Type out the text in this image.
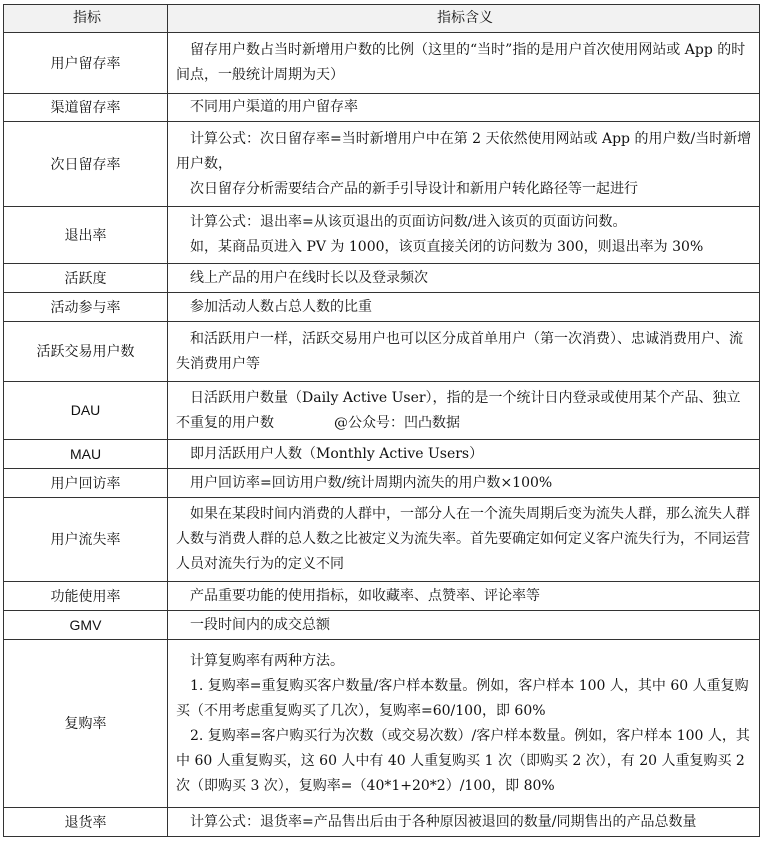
指标	指标含义
用户留存率	留存用户数占当时新增用户数的比例（这里的“当时”指的是用户首次使用网站或 App 的时间点，一般统计周期为天）

渠道留存率	不同用户渠道的用户留存率

次日留存率	计算公式：次日留存率=当时新增用户中在第 2 天依然使用网站或 App 的用户数/当时新增用户数，

次日留存分析需要结合产品的新手引导设计和新用户转化路径等一起进行

退出率	计算公式：退出率=从该页退出的页面访问数/进入该页的页面访问数。

如，某商品页进入 PV 为 1000，该页直接关闭的访问数为 300，则退出率为 30%

活跃度	线上产品的用户在线时长以及登录频次

活动参与率	参加活动人数占总人数的比重

活跃交易用户数	和活跃用户一样，活跃交易用户也可以区分成首单用户（第一次消费）、忠诚消费用户、流失消费用户等

DAU	日活跃用户数量（Daily Active User），指的是一个统计日内登录或使用某个产品、独立不重复的用户数 @公众号：凹凸数据

MAU	即月活跃用户人数（Monthly Active Users）

用户回访率	用户回访率=回访用户数/统计周期内流失的用户数×100%

用户流失率	如果在某段时间内消费的人群中，一部分人在一个流失周期后变为流失人群，那么流失人群人数与消费人群的总人数之比被定义为流失率。首先要确定如何定义客户流失行为，不同运营人员对流失行为的定义不同

功能使用率	产品重要功能的使用指标，如收藏率、点赞率、评论率等

GMV	一段时间内的成交总额

复购率	计算复购率有两种方法。

1. 复购率=重复购买客户数量/客户样本数量。例如，客户样本 100 人，其中 60 人重复购买（不用考虑重复购买了几次），复购率=60/100，即 60%

2. 复购率=客户购买行为次数（或交易次数）/客户样本数量。例如，客户样本 100 人，其中 60 人重复购买，这 60 人中有 40 人重复购买 1 次（即购买 2 次），有 20 人重复购买 2 次（即购买 3 次），复购率=（40*1+20*2）/100，即 80%

退货率	计算公式：退货率=产品售出后由于各种原因被退回的数量/同期售出的产品总数量
